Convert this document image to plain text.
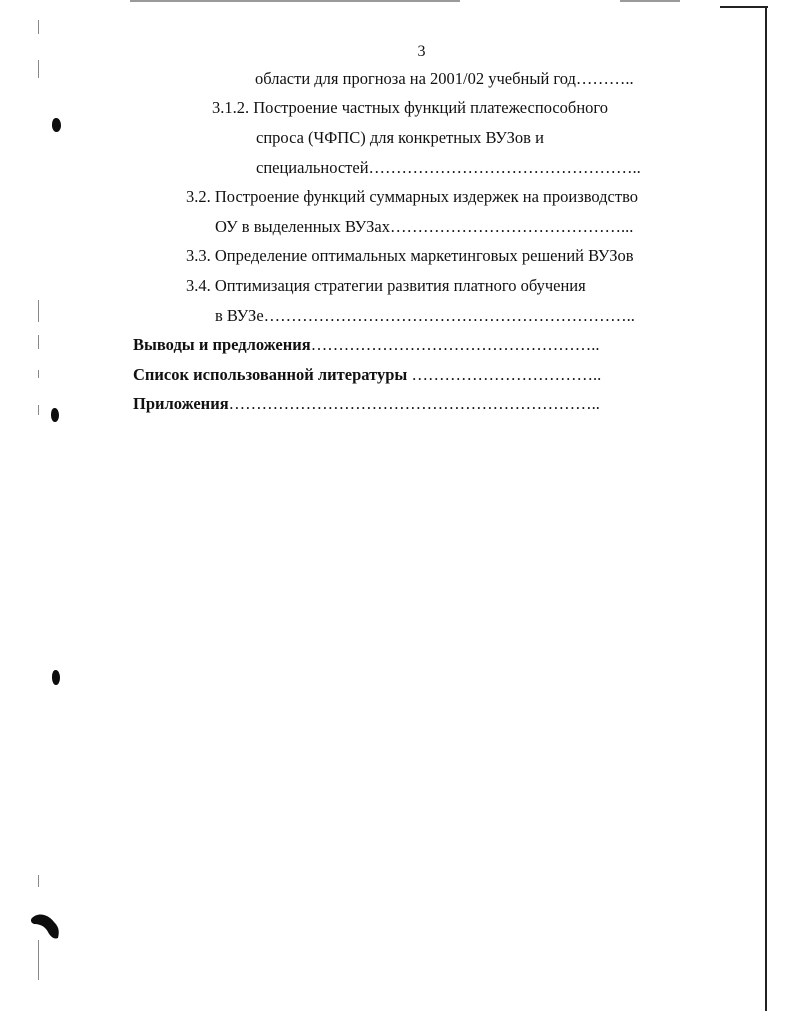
3
области для прогноза на 2001/02 учебный год………..
3.1.2. Построение частных функций платежеспособного
спроса (ЧФПС) для конкретных ВУЗов и
специальностей…………………………………………..
3.2. Построение функций суммарных издержек на производство
ОУ в выделенных ВУЗах……………………………………...
3.3. Определение оптимальных маркетинговых решений ВУЗов
3.4. Оптимизация стратегии развития платного обучения
в ВУЗе…………………………………………………………..
Выводы и предложения……………………………………………..
Список использованной литературы ……………………………..
Приложения…………………………………………………………..
